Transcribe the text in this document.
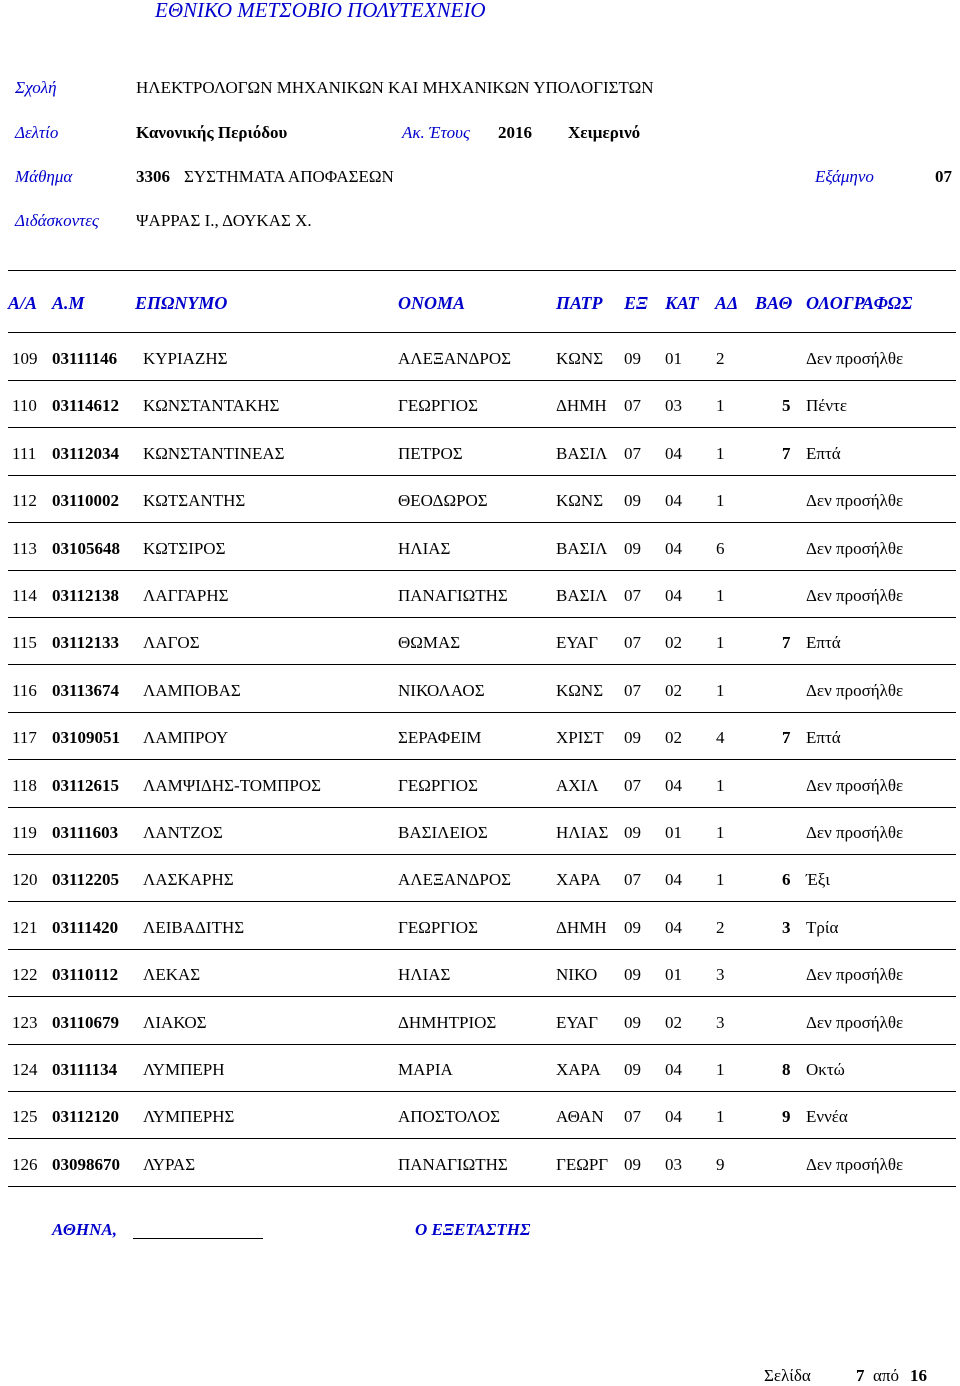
ΕΘΝΙΚΟ ΜΕΤΣΟΒΙΟ ΠΟΛΥΤΕΧΝΕΙΟ
Σχολή	ΗΛΕΚΤΡΟΛΟΓΩΝ ΜΗΧΑΝΙΚΩΝ ΚΑΙ ΜΗΧΑΝΙΚΩΝ ΥΠΟΛΟΓΙΣΤΩΝ
Δελτίο	Κανονικής Περιόδου	Ακ. Έτους 2016 Χειμερινό
Μάθημα	3306 ΣΥΣΤΗΜΑΤΑ ΑΠΟΦΑΣΕΩΝ	Εξάμηνο	07
Διδάσκοντες ΨΑΡΡΑΣ Ι., ΔΟΥΚΑΣ Χ.
Α/Α Α.Μ	ΕΠΩΝΥΜΟ	ΟΝΟΜΑ	ΠΑΤΡ ΕΞ ΚΑΤ ΑΔ ΒΑΘ ΟΛΟΓΡΑΦΩΣ
109 03111146 ΚΥΡΙΑΖΗΣ	ΑΛΕΞΑΝΔΡΟΣ	ΚΩΝΣ 09 01 2	Δεν προσήλθε
110 03114612 ΚΩΝΣΤΑΝΤΑΚΗΣ	ΓΕΩΡΓΙΟΣ	ΔΗΜΗ 07 03 1	5 Πέντε
111 03112034 ΚΩΝΣΤΑΝΤΙΝΕΑΣ	ΠΕΤΡΟΣ	ΒΑΣΙΛ 07 04 1	7 Επτά
112 03110002 ΚΩΤΣΑΝΤΗΣ	ΘΕΟΔΩΡΟΣ	ΚΩΝΣ 09 04 1	Δεν προσήλθε
113 03105648 ΚΩΤΣΙΡΟΣ	ΗΛΙΑΣ	ΒΑΣΙΛ 09 04 6	Δεν προσήλθε
114 03112138 ΛΑΓΓΑΡΗΣ	ΠΑΝΑΓΙΩΤΗΣ	ΒΑΣΙΛ 07 04 1	Δεν προσήλθε
115 03112133 ΛΑΓΟΣ	ΘΩΜΑΣ	ΕΥΑΓ 07 02 1	7 Επτά
116 03113674 ΛΑΜΠΟΒΑΣ	ΝΙΚΟΛΑΟΣ	ΚΩΝΣ 07 02 1	Δεν προσήλθε
117 03109051 ΛΑΜΠΡΟΥ	ΣΕΡΑΦΕΙΜ	ΧΡΙΣΤ 09 02 4	7 Επτά
118 03112615 ΛΑΜΨΙΔΗΣ-ΤΟΜΠΡΟΣ	ΓΕΩΡΓΙΟΣ	ΑΧΙΛ 07 04 1	Δεν προσήλθε
119 03111603 ΛΑΝΤΖΟΣ	ΒΑΣΙΛΕΙΟΣ	ΗΛΙΑΣ 09 01 1	Δεν προσήλθε
120 03112205 ΛΑΣΚΑΡΗΣ	ΑΛΕΞΑΝΔΡΟΣ	ΧΑΡΑ 07 04 1	6 Έξι
121 03111420 ΛΕΙΒΑΔΙΤΗΣ	ΓΕΩΡΓΙΟΣ	ΔΗΜΗ 09 04 2	3 Τρία
122 03110112 ΛΕΚΑΣ	ΗΛΙΑΣ	ΝΙΚΟ 09 01 3	Δεν προσήλθε
123 03110679 ΛΙΑΚΟΣ	ΔΗΜΗΤΡΙΟΣ	ΕΥΑΓ 09 02 3	Δεν προσήλθε
124 03111134 ΛΥΜΠΕΡΗ	ΜΑΡΙΑ	ΧΑΡΑ 09 04 1	8 Οκτώ
125 03112120 ΛΥΜΠΕΡΗΣ	ΑΠΟΣΤΟΛΟΣ	ΑΘΑΝ 07 04 1	9 Εννέα
126 03098670 ΛΥΡΑΣ	ΠΑΝΑΓΙΩΤΗΣ	ΓΕΩΡΓ 09 03 9	Δεν προσήλθε
ΑΘΗΝΑ,	Ο ΕΞΕΤΑΣΤΗΣ
Σελίδα	7 από 16
